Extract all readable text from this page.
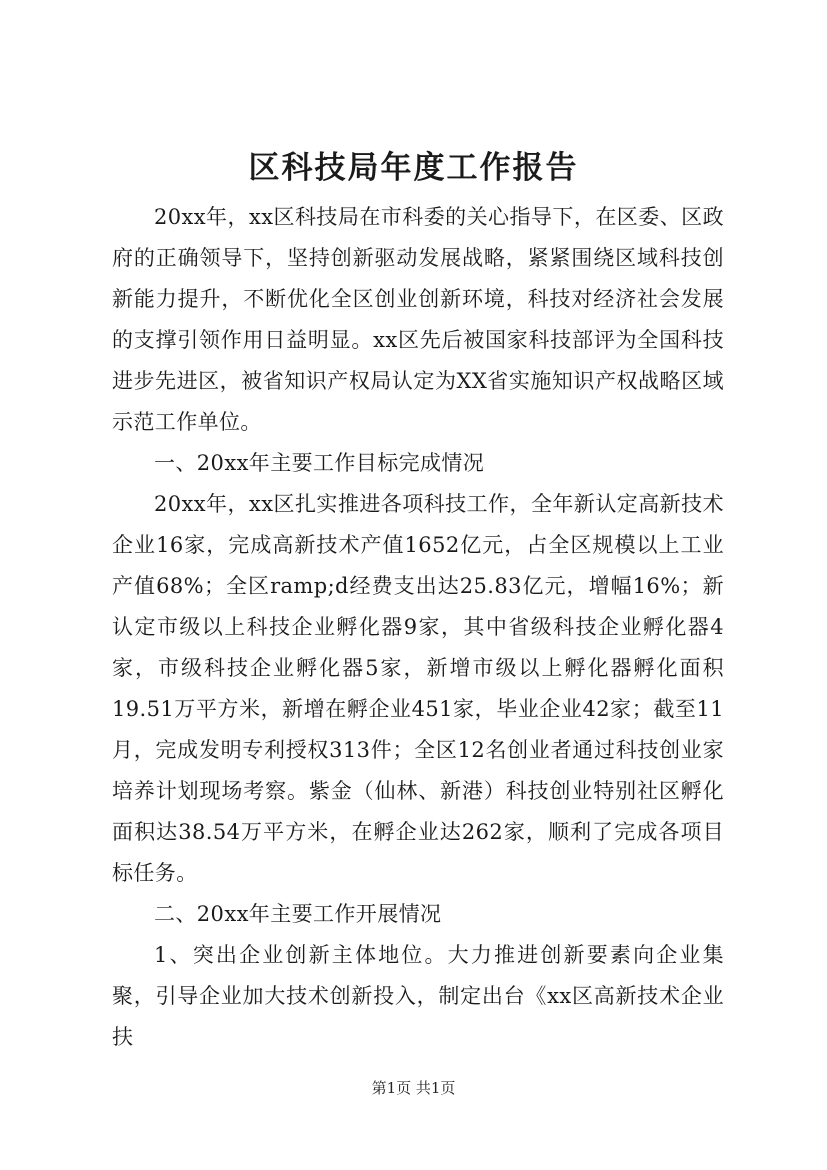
区科技局年度工作报告

20xx年，xx区科技局在市科委的关心指导下，在区委、区政府的正确领导下，坚持创新驱动发展战略，紧紧围绕区域科技创新能力提升，不断优化全区创业创新环境，科技对经济社会发展的支撑引领作用日益明显。xx区先后被国家科技部评为全国科技进步先进区，被省知识产权局认定为XX省实施知识产权战略区域示范工作单位。

一、20xx年主要工作目标完成情况

20xx年，xx区扎实推进各项科技工作，全年新认定高新技术企业16家，完成高新技术产值1652亿元，占全区规模以上工业产值68%；全区ramp;d经费支出达25.83亿元，增幅16%；新认定市级以上科技企业孵化器9家，其中省级科技企业孵化器4家，市级科技企业孵化器5家，新增市级以上孵化器孵化面积19.51万平方米，新增在孵企业451家，毕业企业42家；截至11月，完成发明专利授权313件；全区12名创业者通过科技创业家培养计划现场考察。紫金（仙林、新港）科技创业特别社区孵化面积达38.54万平方米，在孵企业达262家，顺利了完成各项目标任务。

二、20xx年主要工作开展情况

1、突出企业创新主体地位。大力推进创新要素向企业集聚，引导企业加大技术创新投入，制定出台《xx区高新技术企业扶

第1页 共1页
